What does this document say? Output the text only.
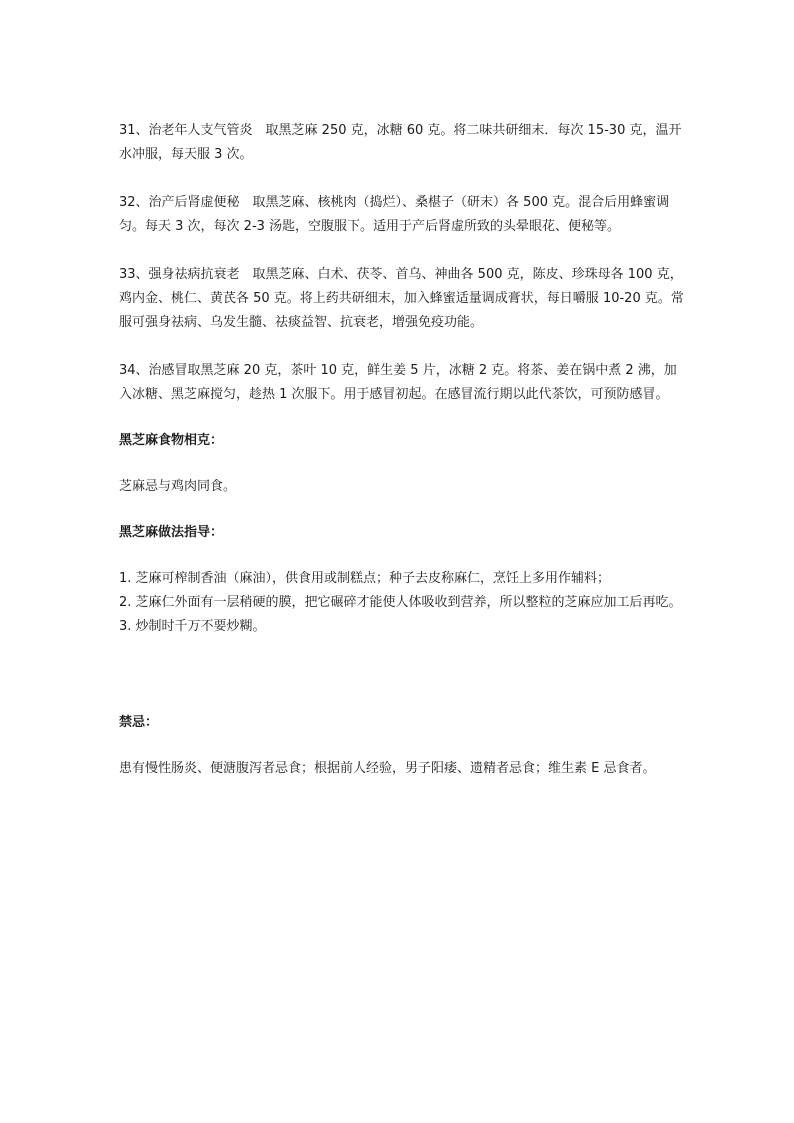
31、治老年人支气管炎　取黑芝麻 250 克，冰糖 60 克。将二味共研细末．每次 15-30 克，温开水冲服，每天服 3 次。

32、治产后肾虚便秘　取黑芝麻、核桃肉（捣烂）、桑椹子（研末）各 500 克。混合后用蜂蜜调匀。每天 3 次，每次 2-3 汤匙，空腹服下。适用于产后肾虚所致的头晕眼花、便秘等。

33、强身祛病抗衰老　取黑芝麻、白术、茯苓、首乌、神曲各 500 克，陈皮、珍珠母各 100 克，鸡内金、桃仁、黄芪各 50 克。将上药共研细末，加入蜂蜜适量调成膏状，每日嚼服 10-20 克。常服可强身祛病、乌发生髓、祛痰益智、抗衰老，增强免疫功能。

34、治感冒取黑芝麻 20 克，茶叶 10 克，鲜生姜 5 片，冰糖 2 克。将茶、姜在锅中煮 2 沸，加入冰糖、黑芝麻搅匀，趁热 1 次服下。用于感冒初起。在感冒流行期以此代茶饮，可预防感冒。

黑芝麻食物相克：

芝麻忌与鸡肉同食。

黑芝麻做法指导：

1. 芝麻可榨制香油（麻油），供食用或制糕点；种子去皮称麻仁，烹饪上多用作辅料；

2. 芝麻仁外面有一层稍硬的膜，把它碾碎才能使人体吸收到营养，所以整粒的芝麻应加工后再吃。

3. 炒制时千万不要炒糊。

禁忌：

患有慢性肠炎、便溏腹泻者忌食；根据前人经验，男子阳痿、遗精者忌食；维生素 E 忌食者。
